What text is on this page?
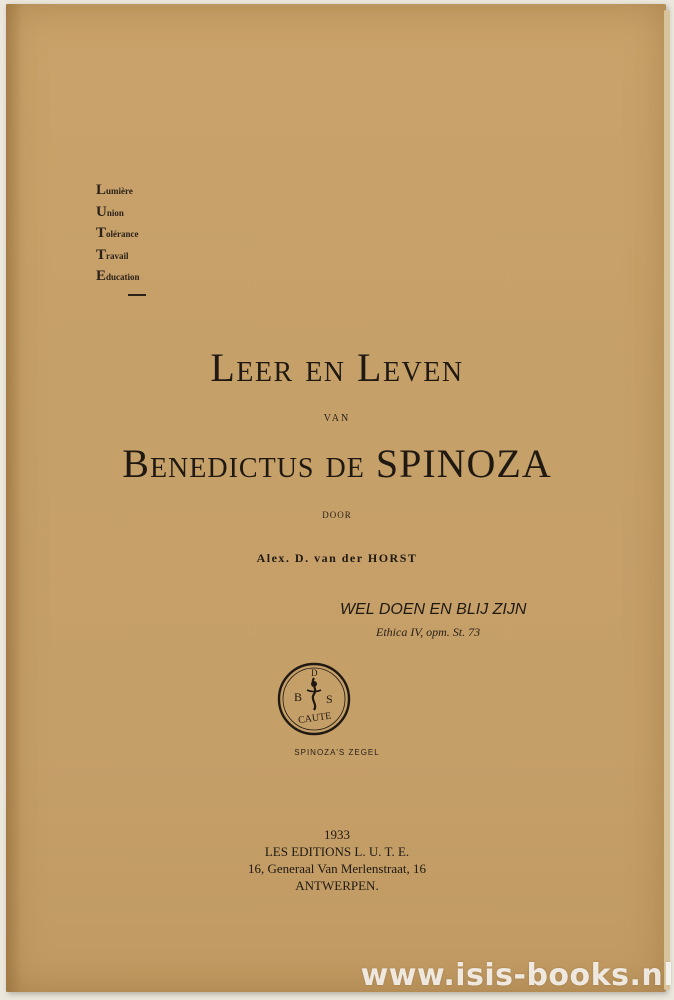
Lumière
Union
Tolérance
Travail
Education
Leer en Leven
van
Benedictus de SPINOZA
DOOR
Alex. D. van der HORST
WEL DOEN EN BLIJ ZIJN
Ethica IV, opm. St. 73
B
D
S
CAUTE
SPINOZA'S ZEGEL
1933
LES EDITIONS L. U. T. E.
16, Generaal Van Merlenstraat, 16
ANTWERPEN.
www.isis-books.nl
